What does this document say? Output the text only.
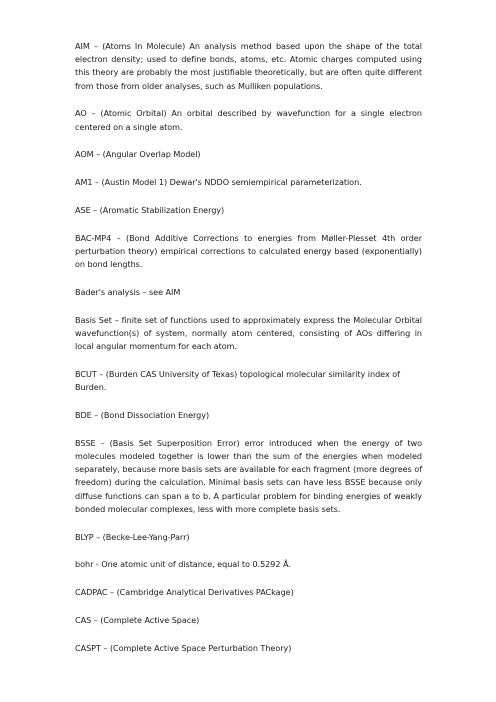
AIM – (Atoms In Molecule) An analysis method based upon the shape of the total electron density; used to define bonds, atoms, etc. Atomic charges computed using this theory are probably the most justifiable theoretically, but are often quite different from those from older analyses, such as Mulliken populations.

AO – (Atomic Orbital) An orbital described by wavefunction for a single electron centered on a single atom.

AOM – (Angular Overlap Model)

AM1 – (Austin Model 1) Dewar's NDDO semiempirical parameterization.

ASE – (Aromatic Stabilization Energy)

BAC-MP4 – (Bond Additive Corrections to energies from Møller-Plesset 4th order perturbation theory) empirical corrections to calculated energy based (exponentially) on bond lengths.

Bader's analysis – see AIM

Basis Set – finite set of functions used to approximately express the Molecular Orbital wavefunction(s) of system, normally atom centered, consisting of AOs differing in local angular momentum for each atom.

BCUT – (Burden CAS University of Texas) topological molecular similarity index of Burden.

BDE – (Bond Dissociation Energy)

BSSE – (Basis Set Superposition Error) error introduced when the energy of two molecules modeled together is lower than the sum of the energies when modeled separately, because more basis sets are available for each fragment (more degrees of freedom) during the calculation. Minimal basis sets can have less BSSE because only diffuse functions can span a to b. A particular problem for binding energies of weakly bonded molecular complexes, less with more complete basis sets.

BLYP – (Becke-Lee-Yang-Parr)

bohr - One atomic unit of distance, equal to 0.5292 Å.

CADPAC – (Cambridge Analytical Derivatives PACkage)

CAS – (Complete Active Space)

CASPT – (Complete Active Space Perturbation Theory)
